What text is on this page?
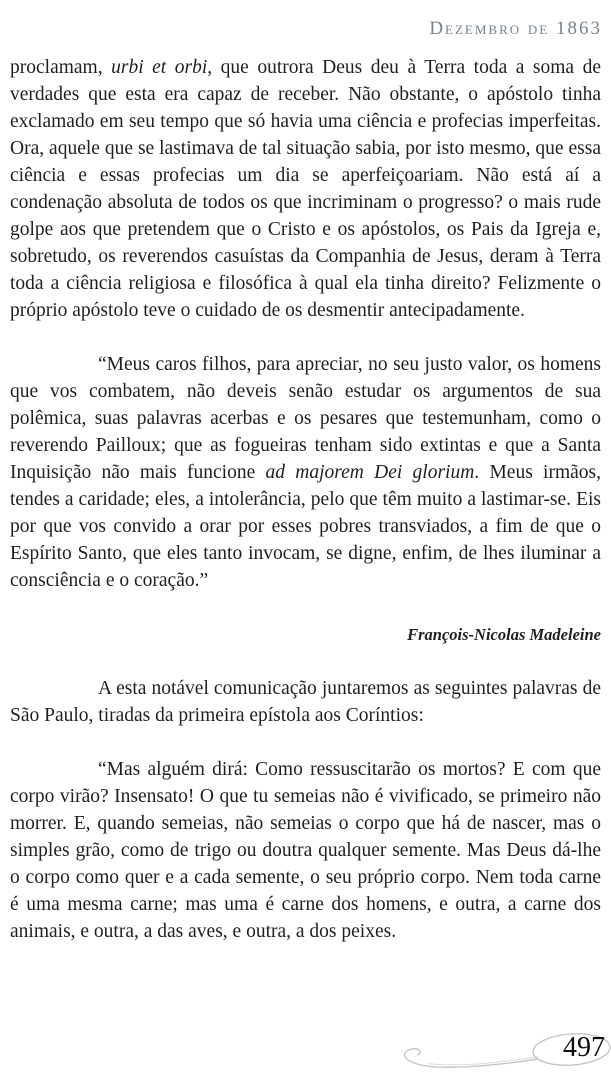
Dezembro de 1863

proclamam, urbi et orbi, que outrora Deus deu à Terra toda a soma de verdades que esta era capaz de receber. Não obstante, o apóstolo tinha exclamado em seu tempo que só havia uma ciência e profecias imperfeitas. Ora, aquele que se lastimava de tal situação sabia, por isto mesmo, que essa ciência e essas profecias um dia se aperfeiçoariam. Não está aí a condenação absoluta de todos os que incriminam o progresso? o mais rude golpe aos que pretendem que o Cristo e os apóstolos, os Pais da Igreja e, sobretudo, os reverendos casuístas da Companhia de Jesus, deram à Terra toda a ciência religiosa e filosófica à qual ela tinha direito? Felizmente o próprio apóstolo teve o cuidado de os desmentir antecipadamente.

“Meus caros filhos, para apreciar, no seu justo valor, os homens que vos combatem, não deveis senão estudar os argumentos de sua polêmica, suas palavras acerbas e os pesares que testemunham, como o reverendo Pailloux; que as fogueiras tenham sido extintas e que a Santa Inquisição não mais funcione ad majorem Dei glorium. Meus irmãos, tendes a caridade; eles, a intolerância, pelo que têm muito a lastimar-se. Eis por que vos convido a orar por esses pobres transviados, a fim de que o Espírito Santo, que eles tanto invocam, se digne, enfim, de lhes iluminar a consciência e o coração.”

François-Nicolas Madeleine

A esta notável comunicação juntaremos as seguintes palavras de São Paulo, tiradas da primeira epístola aos Coríntios:

“Mas alguém dirá: Como ressuscitarão os mortos? E com que corpo virão? Insensato! O que tu semeias não é vivificado, se primeiro não morrer. E, quando semeias, não semeias o corpo que há de nascer, mas o simples grão, como de trigo ou doutra qualquer semente. Mas Deus dá-lhe o corpo como quer e a cada semente, o seu próprio corpo. Nem toda carne é uma mesma carne; mas uma é carne dos homens, e outra, a carne dos animais, e outra, a das aves, e outra, a dos peixes.

497
